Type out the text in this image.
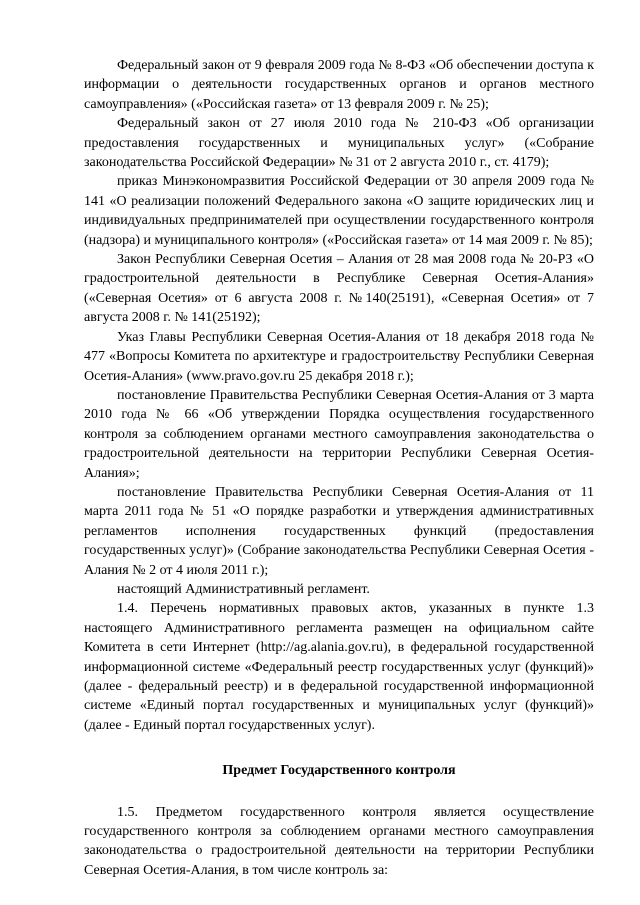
Федеральный закон от 9 февраля 2009 года № 8-ФЗ «Об обеспечении доступа к информации о деятельности государственных органов и органов местного самоуправления» («Российская газета» от 13 февраля 2009 г. № 25);

Федеральный закон от 27 июля 2010 года № 210-ФЗ «Об организации предоставления государственных и муниципальных услуг» («Собрание законодательства Российской Федерации» № 31 от 2 августа 2010 г., ст. 4179);

приказ Минэкономразвития Российской Федерации от 30 апреля 2009 года № 141 «О реализации положений Федерального закона «О защите юридических лиц и индивидуальных предпринимателей при осуществлении государственного контроля (надзора) и муниципального контроля» («Российская газета» от 14 мая 2009 г. № 85);

Закон Республики Северная Осетия – Алания от 28 мая 2008 года № 20-РЗ «О градостроительной деятельности в Республике Северная Осетия-Алания» («Северная Осетия» от 6 августа 2008 г. №140(25191), «Северная Осетия» от 7 августа 2008 г. № 141(25192);

Указ Главы Республики Северная Осетия-Алания от 18 декабря 2018 года № 477 «Вопросы Комитета по архитектуре и градостроительству Республики Северная Осетия-Алания» (www.pravo.gov.ru 25 декабря 2018 г.);

постановление Правительства Республики Северная Осетия-Алания от 3 марта 2010 года № 66 «Об утверждении Порядка осуществления государственного контроля за соблюдением органами местного самоуправления законодательства о градостроительной деятельности на территории Республики Северная Осетия-Алания»;

постановление Правительства Республики Северная Осетия-Алания от 11 марта 2011 года № 51 «О порядке разработки и утверждения административных регламентов исполнения государственных функций (предоставления государственных услуг)» (Собрание законодательства Республики Северная Осетия - Алания № 2 от 4 июля 2011 г.);

настоящий Административный регламент.

1.4. Перечень нормативных правовых актов, указанных в пункте 1.3 настоящего Административного регламента размещен на официальном сайте Комитета в сети Интернет (http://ag.alania.gov.ru), в федеральной государственной информационной системе «Федеральный реестр государственных услуг (функций)» (далее - федеральный реестр) и в федеральной государственной информационной системе «Единый портал государственных и муниципальных услуг (функций)» (далее - Единый портал государственных услуг).

Предмет Государственного контроля

1.5. Предметом государственного контроля является осуществление государственного контроля за соблюдением органами местного самоуправления законодательства о градостроительной деятельности на территории Республики Северная Осетия-Алания, в том числе контроль за:
